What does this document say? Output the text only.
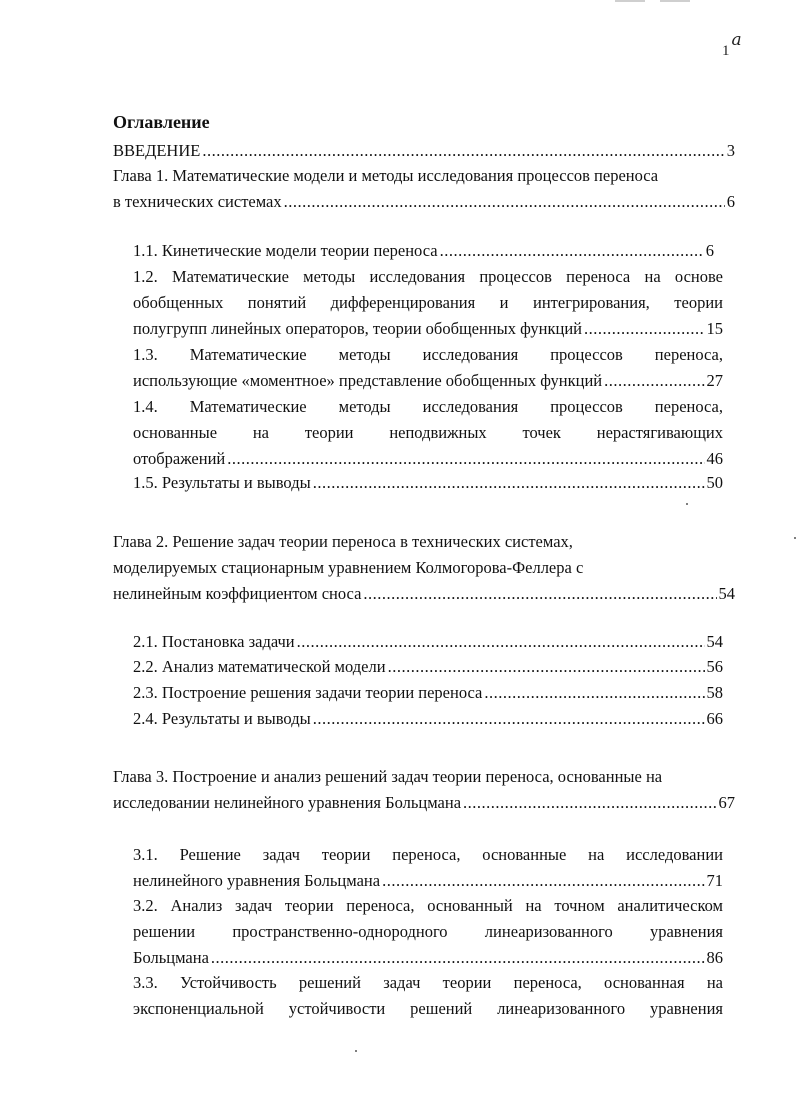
1a
Оглавление
ВВЕДЕНИЕ .....	3
Глава 1. Математические модели и методы исследования процессов переноса
в технических системах .....	6
1.1. Кинетические модели теории переноса .....	6
1.2. Математические методы исследования процессов переноса на основе
обобщенных понятий дифференцирования и интегрирования, теории
полугрупп линейных операторов, теории обобщенных функций .....	15
1.3. Математические методы исследования процессов переноса,
использующие «моментное» представление обобщенных функций .....	27
1.4. Математические методы исследования процессов переноса,
основанные на теории неподвижных точек нерастягивающих
отображений .....	46
1.5. Результаты и выводы .....	50
Глава 2. Решение задач теории переноса в технических системах,
моделируемых стационарным уравнением Колмогорова-Феллера с
нелинейным коэффициентом сноса .....	54
2.1. Постановка задачи .....	54
2.2. Анализ математической модели .....	56
2.3. Построение решения задачи теории переноса .....	58
2.4. Результаты и выводы .....	66
Глава 3. Построение и анализ решений задач теории переноса, основанные на
исследовании нелинейного уравнения Больцмана .....	67
3.1. Решение задач теории переноса, основанные на исследовании
нелинейного уравнения Больцмана .....	71
3.2. Анализ задач теории переноса, основанный на точном аналитическом
решении пространственно-однородного линеаризованного уравнения
Больцмана .....	86
3.3. Устойчивость решений задач теории переноса, основанная на
экспоненциальной устойчивости решений линеаризованного уравнения
